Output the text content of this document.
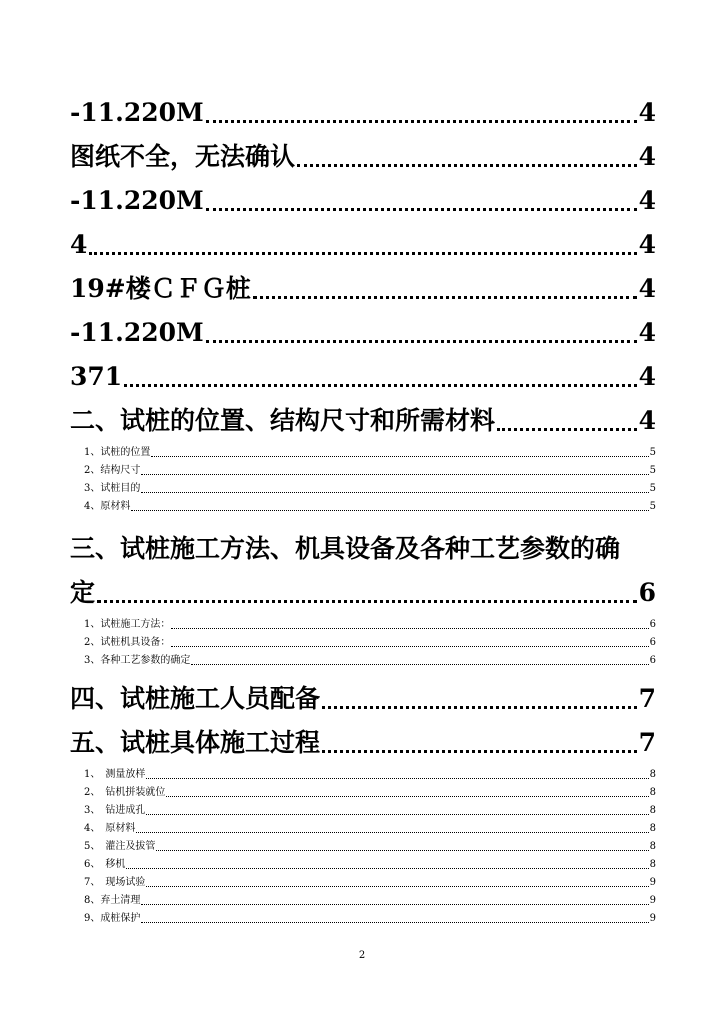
-11.220M	4
图纸不全，无法确认	4
-11.220M	4
4	4
19#楼ＣＦＧ桩	4
-11.220M	4
371	4
二、试桩的位置、结构尺寸和所需材料	4
1、试桩的位置	5
2、结构尺寸	5
3、试桩目的	5
4、原材料	5
三、试桩施工方法、机具设备及各种工艺参数的确
定	6
1、试桩施工方法：	6
2、试桩机具设备：	6
3、各种工艺参数的确定	6
四、试桩施工人员配备	7
五、试桩具体施工过程	7
1、　测量放样	8
2、　钻机拼装就位	8
3、　钻进成孔	8
4、　原材料	8
5、　灌注及拔管	8
6、　移机	8
7、　现场试验	9
8、弃土清理	9
9、成桩保护	9
2
